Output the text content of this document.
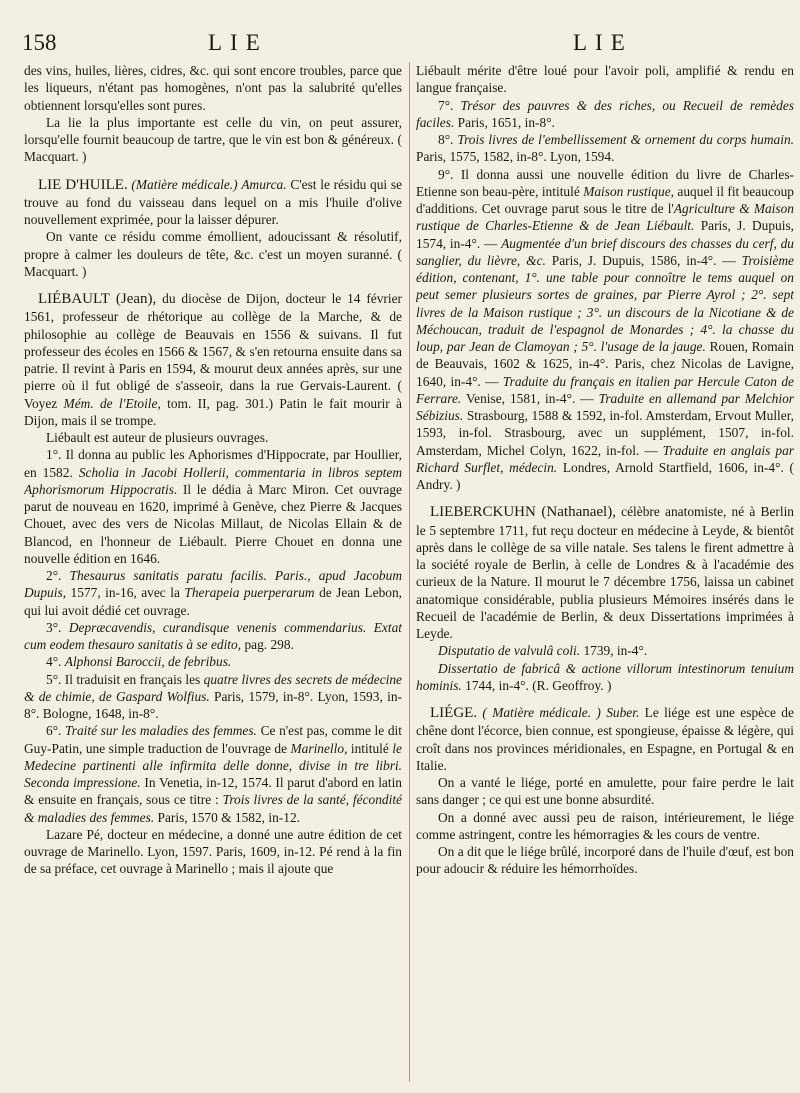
158	LIE	LIE

des vins, huiles, lières, cidres, &c. qui sont encore troubles, parce que les liqueurs, n'étant pas homogènes, n'ont pas la salubrité qu'elles obtiennent lorsqu'elles sont pures.

La lie la plus importante est celle du vin, on peut assurer, lorsqu'elle fournit beaucoup de tartre, que le vin est bon & généreux. ( Macquart. )

LIE D'HUILE. (Matière médicale.) Amurca. C'est le résidu qui se trouve au fond du vaisseau dans lequel on a mis l'huile d'olive nouvellement exprimée, pour la laisser dépurer.

On vante ce résidu comme émollient, adoucissant & résolutif, propre à calmer les douleurs de tête, &c. c'est un moyen suranné. ( Macquart. )

LIÉBAULT (Jean), du diocèse de Dijon, docteur le 14 février 1561, professeur de rhétorique au collège de la Marche, & de philosophie au collège de Beauvais en 1556 & suivans. Il fut professeur des écoles en 1566 & 1567, & s'en retourna ensuite dans sa patrie. Il revint à Paris en 1594, & mourut deux années après, sur une pierre où il fut obligé de s'asseoir, dans la rue Gervais-Laurent. ( Voyez Mém. de l'Etoile, tom. II, pag. 301.) Patin le fait mourir à Dijon, mais il se trompe.

Liébault est auteur de plusieurs ouvrages.

1°. Il donna au public les Aphorismes d'Hippocrate, par Houllier, en 1582. Scholia in Jacobi Hollerii, commentaria in libros septem Aphorismorum Hippocratis. Il le dédia à Marc Miron. Cet ouvrage parut de nouveau en 1620, imprimé à Genève, chez Pierre & Jacques Chouet, avec des vers de Nicolas Millaut, de Nicolas Ellain & de Blancod, en l'honneur de Liébault. Pierre Chouet en donna une nouvelle édition en 1646.

2°. Thesaurus sanitatis paratu facilis. Paris., apud Jacobum Dupuis, 1577, in-16, avec la Therapeia puerperarum de Jean Lebon, qui lui avoit dédié cet ouvrage.

3°. Depræcavendis, curandisque venenis commendarius. Extat cum eodem thesauro sanitatis à se edito, pag. 298.

4°. Alphonsi Baroccii, de febribus.

5°. Il traduisit en français les quatre livres des secrets de médecine & de chimie, de Gaspard Wolfius. Paris, 1579, in-8°. Lyon, 1593, in-8°. Bologne, 1648, in-8°.

6°. Traité sur les maladies des femmes. Ce n'est pas, comme le dit Guy-Patin, une simple traduction de l'ouvrage de Marinello, intitulé le Medecine partinenti alle infirmita delle donne, divise in tre libri. Seconda impressione. In Venetia, in-12, 1574. Il parut d'abord en latin & ensuite en français, sous ce titre : Trois livres de la santé, fécondité & maladies des femmes. Paris, 1570 & 1582, in-12.

Lazare Pé, docteur en médecine, a donné une autre édition de cet ouvrage de Marinello. Lyon, 1597. Paris, 1609, in-12. Pé rend à la fin de sa préface, cet ouvrage à Marinello ; mais il ajoute que

Liébault mérite d'être loué pour l'avoir poli, amplifié & rendu en langue française.

7°. Trésor des pauvres & des riches, ou Recueil de remèdes faciles. Paris, 1651, in-8°.

8°. Trois livres de l'embellissement & ornement du corps humain. Paris, 1575, 1582, in-8°. Lyon, 1594.

9°. Il donna aussi une nouvelle édition du livre de Charles-Etienne son beau-père, intitulé Maison rustique, auquel il fit beaucoup d'additions. Cet ouvrage parut sous le titre de l'Agriculture & Maison rustique de Charles-Etienne & de Jean Liébault. Paris, J. Dupuis, 1574, in-4°. — Augmentée d'un brief discours des chasses du cerf, du sanglier, du lièvre, &c. Paris, J. Dupuis, 1586, in-4°. — Troisième édition, contenant, 1°. une table pour connoître le tems auquel on peut semer plusieurs sortes de graines, par Pierre Ayrol ; 2°. sept livres de la Maison rustique ; 3°. un discours de la Nicotiane & de Méchoucan, traduit de l'espagnol de Monardes ; 4°. la chasse du loup, par Jean de Clamoyan ; 5°. l'usage de la jauge. Rouen, Romain de Beauvais, 1602 & 1625, in-4°. Paris, chez Nicolas de Lavigne, 1640, in-4°. — Traduite du français en italien par Hercule Caton de Ferrare. Venise, 1581, in-4°. — Traduite en allemand par Melchior Sébizius. Strasbourg, 1588 & 1592, in-fol. Amsterdam, Ervout Muller, 1593, in-fol. Strasbourg, avec un supplément, 1507, in-fol. Amsterdam, Michel Colyn, 1622, in-fol. — Traduite en anglais par Richard Surflet, médecin. Londres, Arnold Startfield, 1606, in-4°. ( Andry. )

LIEBERCKUHN (Nathanael), célèbre anatomiste, né à Berlin le 5 septembre 1711, fut reçu docteur en médecine à Leyde, & bientôt après dans le collège de sa ville natale. Ses talens le firent admettre à la société royale de Berlin, à celle de Londres & à l'académie des curieux de la Nature. Il mourut le 7 décembre 1756, laissa un cabinet anatomique considérable, publia plusieurs Mémoires insérés dans le Recueil de l'académie de Berlin, & deux Dissertations imprimées à Leyde.

Disputatio de valvulâ coli. 1739, in-4°.

Dissertatio de fabricâ & actione villorum intestinorum tenuium hominis. 1744, in-4°. (R. Geoffroy. )

LIÉGE. ( Matière médicale. ) Suber. Le liége est une espèce de chêne dont l'écorce, bien connue, est spongieuse, épaisse & légère, qui croît dans nos provinces méridionales, en Espagne, en Portugal & en Italie.

On a vanté le liége, porté en amulette, pour faire perdre le lait sans danger ; ce qui est une bonne absurdité.

On a donné avec aussi peu de raison, intérieurement, le liége comme astringent, contre les hémorragies & les cours de ventre.

On a dit que le liége brûlé, incorporé dans de l'huile d'œuf, est bon pour adoucir & réduire les hémorrhoïdes.
